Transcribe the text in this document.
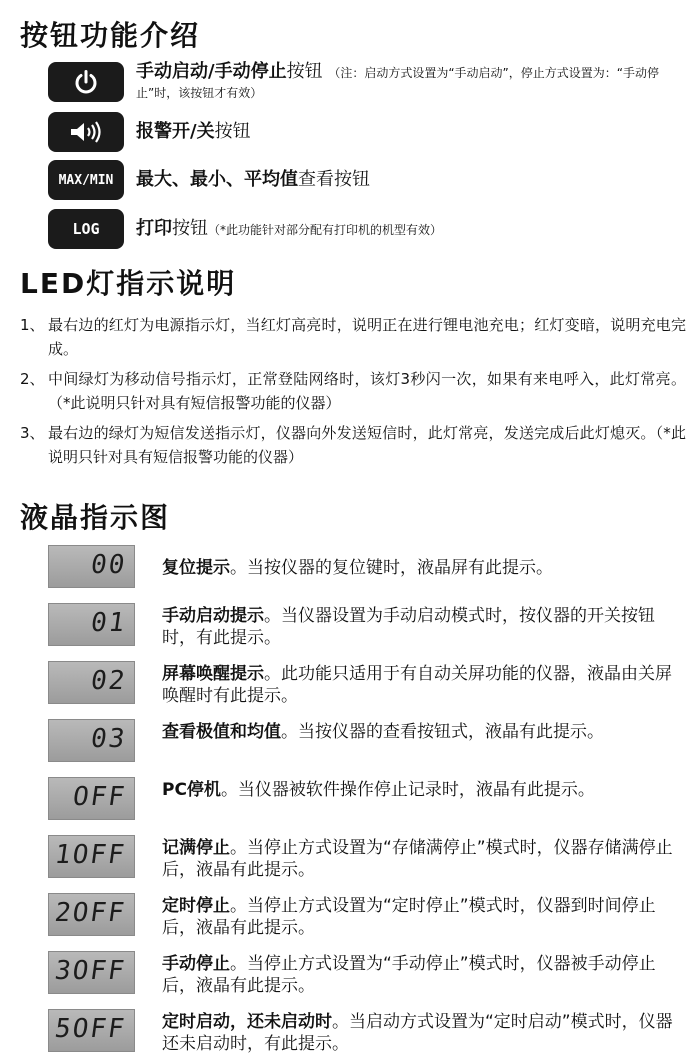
按钮功能介绍
手动启动/手动停止按钮 （注：启动方式设置为“手动启动”，停止方式设置为：“手动停止”时，该按钮才有效）
报警开/关按钮
MAX/MIN	最大、最小、平均值查看按钮
LOG	打印按钮（*此功能针对部分配有打印机的机型有效）
LED灯指示说明
1、 最右边的红灯为电源指示灯，当红灯高亮时，说明正在进行锂电池充电；红灯变暗，说明充电完成。
2、 中间绿灯为移动信号指示灯，正常登陆网络时，该灯3秒闪一次，如果有来电呼入，此灯常亮。（*此说明只针对具有短信报警功能的仪器）
3、 最右边的绿灯为短信发送指示灯，仪器向外发送短信时，此灯常亮，发送完成后此灯熄灭。（*此说明只针对具有短信报警功能的仪器）
液晶指示图
00 复位提示。当按仪器的复位键时，液晶屏有此提示。
01 手动启动提示。当仪器设置为手动启动模式时，按仪器的开关按钮时，有此提示。
02 屏幕唤醒提示。此功能只适用于有自动关屏功能的仪器，液晶由关屏唤醒时有此提示。
03 查看极值和均值。当按仪器的查看按钮式，液晶有此提示。
OFF PC停机。当仪器被软件操作停止记录时，液晶有此提示。
1OFF 记满停止。当停止方式设置为“存储满停止”模式时，仪器存储满停止后，液晶有此提示。
2OFF 定时停止。当停止方式设置为“定时停止”模式时，仪器到时间停止后，液晶有此提示。
3OFF 手动停止。当停止方式设置为“手动停止”模式时，仪器被手动停止后，液晶有此提示。
5OFF 定时启动，还未启动时。当启动方式设置为“定时启动”模式时，仪器还未启动时，有此提示。
